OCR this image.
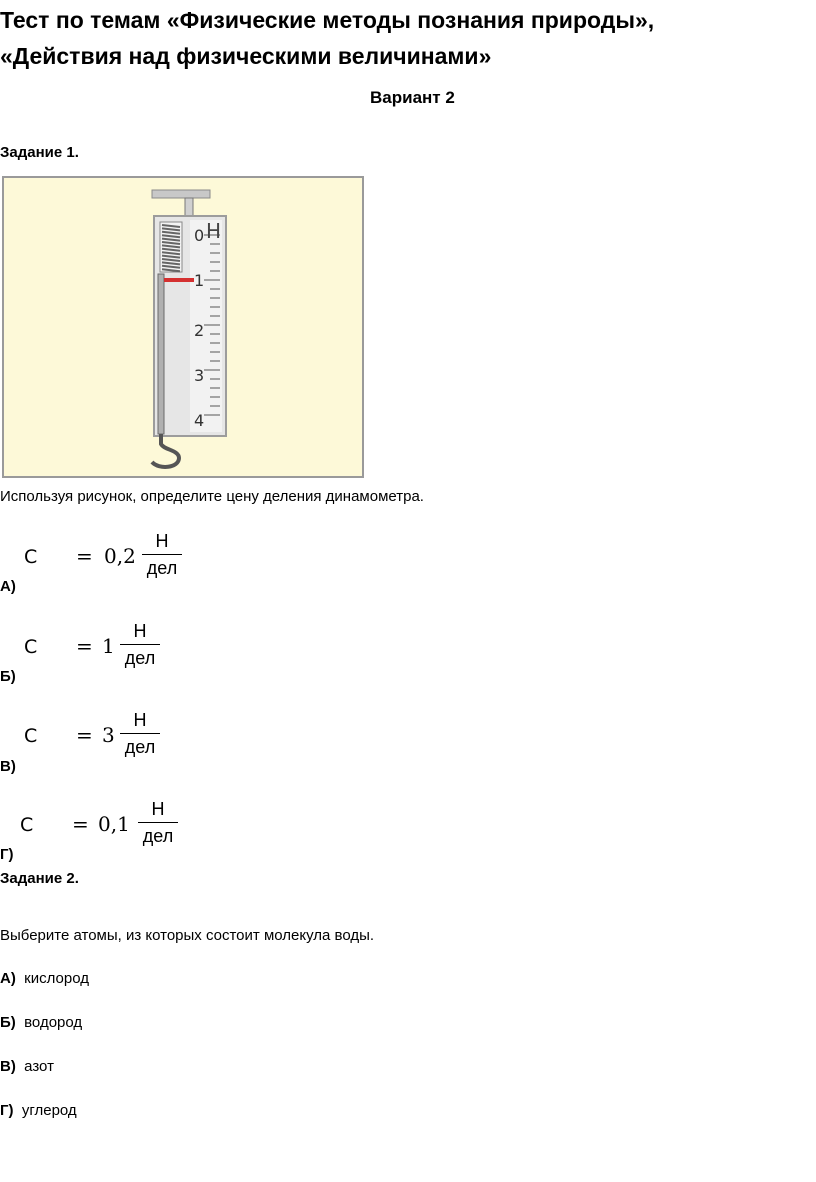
Тест по темам «Физические методы познания природы»,
«Действия над физическими величинами»
Вариант 2
Задание 1.
0
1
2
3
4
Н
Используя рисунок, определите цену деления динамометра.
C = 0,2
Н
дел
А)
C = 1
Н
дел
Б)
C = 3
Н
дел
В)
C = 0,1
Н
дел
Г)
Задание 2.
Выберите атомы, из которых состоит молекула воды.
А) кислород
Б) водород
В) азот
Г) углерод
